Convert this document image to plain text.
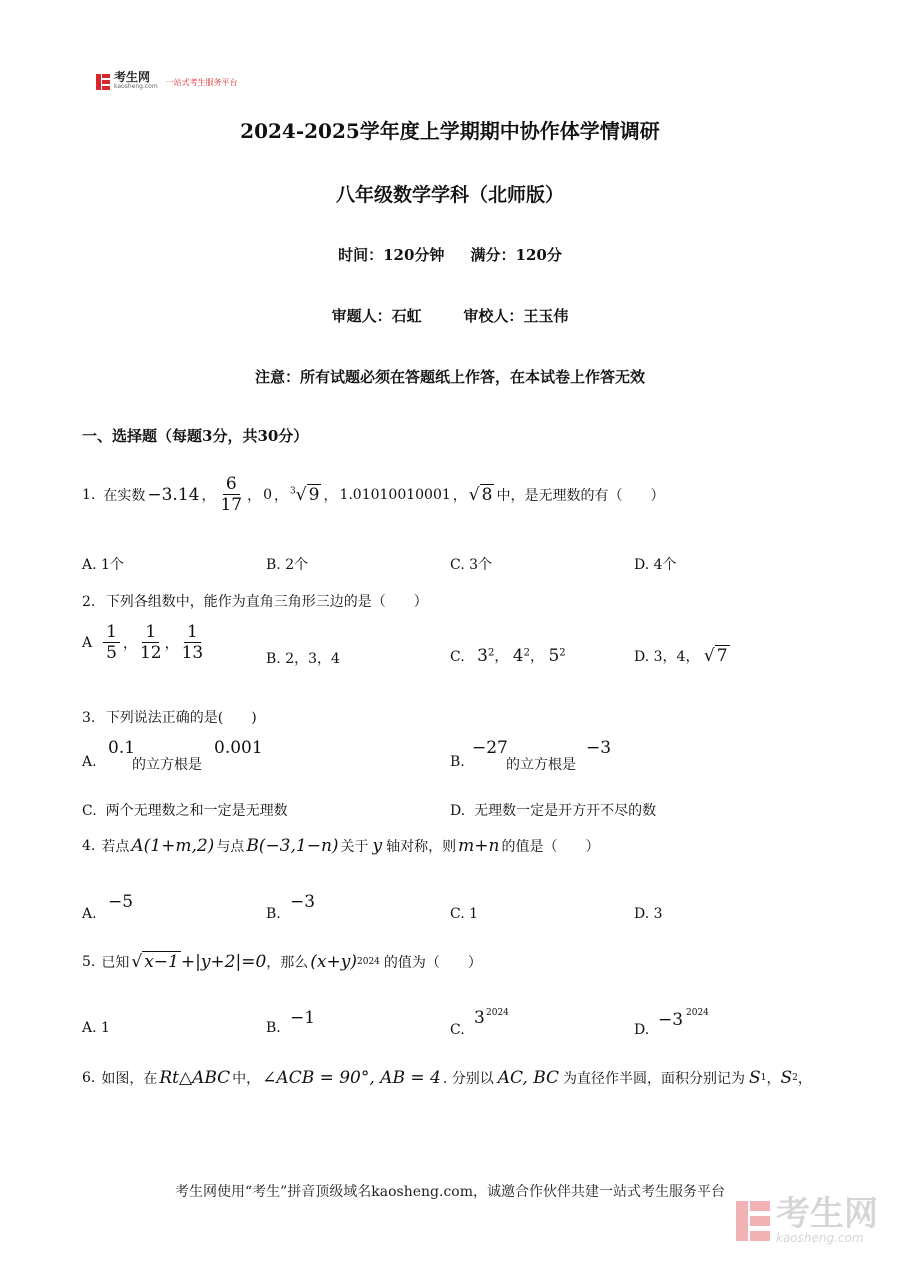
考生网
kaosheng.com 一站式考生服务平台
2024-2025学年度上学期期中协作体学情调研
八年级数学学科（北师版）
时间：120分钟     满分：120分
审题人：石虹        审校人：王玉伟
注意：所有试题必须在答题纸上作答，在本试卷上作答无效
一、选择题（每题3分，共30分）
1. 在实数 −3.14 ， $\frac{6}{17}$ ， 0 ， $^3$√ 9 ， 1.01010010001 ， √ 8 中，是无理数的有（　　）
A. 1个	B. 2个	C. 3个	D. 4个
2. 下列各组数中，能作为直角三角形三边的是（　　）
A $\frac{1}{5}$ ， $\frac{1}{12}$ ， $\frac{1}{13}$	B. 2，3，4	C. $3^2$， $4^2$， $5^2$	D. 3，4， √ 7
3. 下列说法正确的是(　　)
A.
0.1
的立方根是
0.001
B.
−27
的立方根是
−3
C.  两个无理数之和一定是无理数	D.  无理数一定是开方开不尽的数
4. 若点 A(1+m,2) 与点 B(−3,1−n) 关于 y 轴对称，则 m+n 的值是（　　）
A.
−5
B.
−3
C. 1	D. 3
5. 已知 √ x−1 +|y+2|=0 ，那么 (x+y) 2024 的值为（　　）
A. 1	B. −1
C.
3 2024
D. −3 2024
6. 如图，在 Rt△ABC 中， ∠ACB = 90°, AB = 4 . 分别以 AC, BC 为直径作半圆，面积分别记为 S 1 ， S 2 ，
考生网使用“考生”拼音顶级域名kaosheng.com，诚邀合作伙伴共建一站式考生服务平台
考生网
kaosheng.com
